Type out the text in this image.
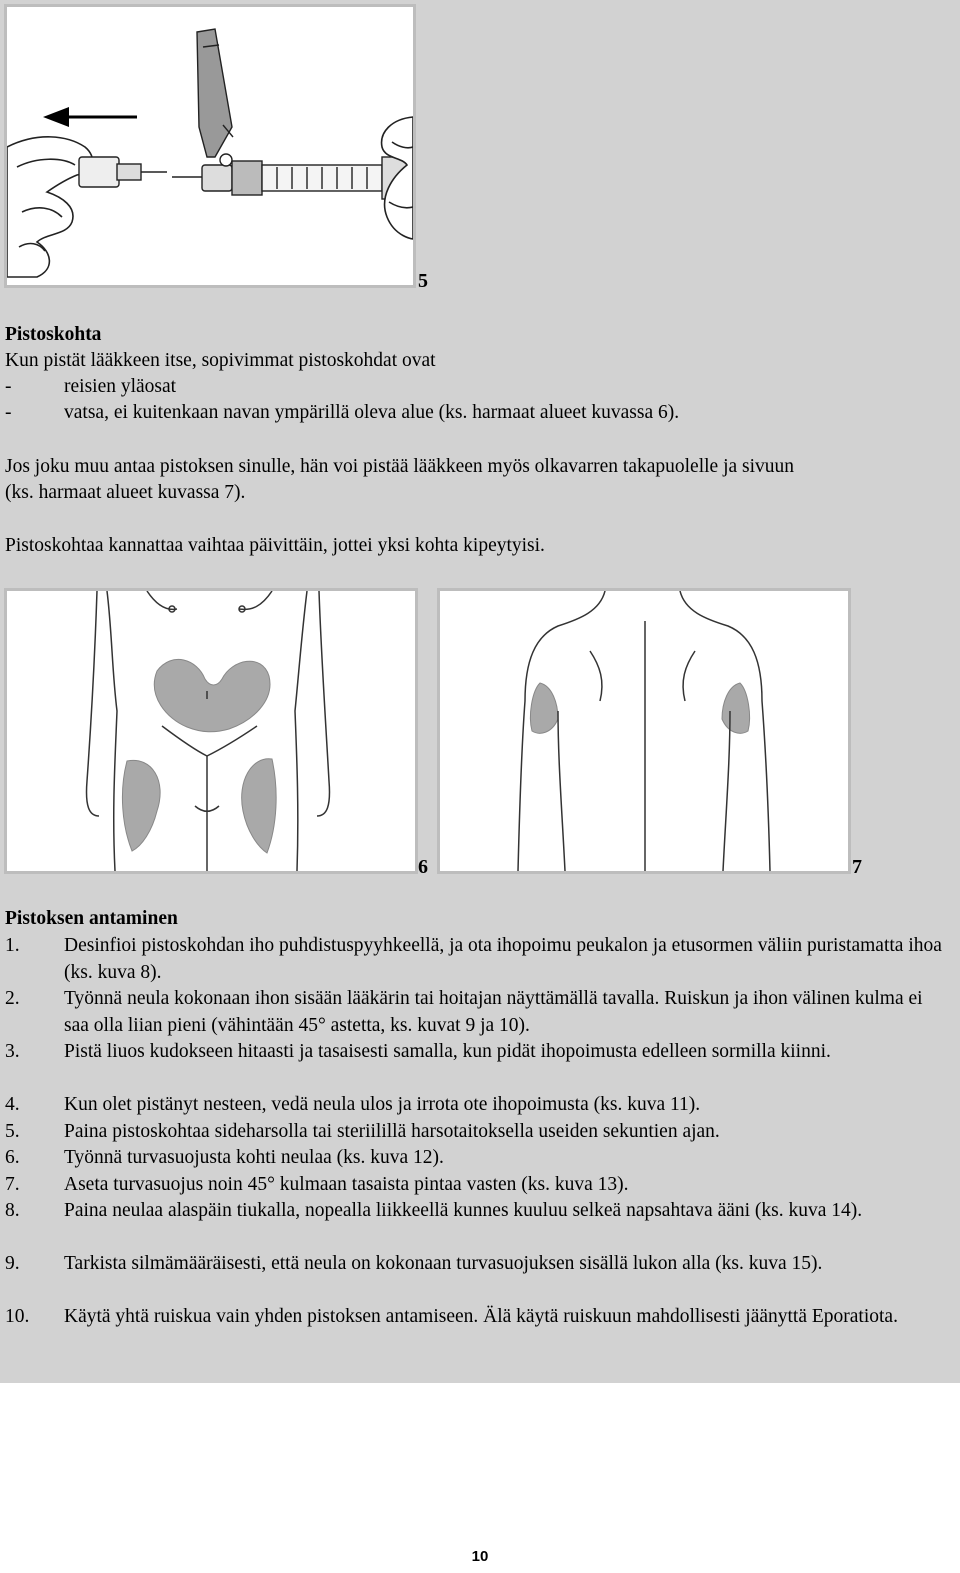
5
Pistoskohta
Kun pistät lääkkeen itse, sopivimmat pistoskohdat ovat
-	reisien yläosat
-	vatsa, ei kuitenkaan navan ympärillä oleva alue (ks. harmaat alueet kuvassa 6).
Jos joku muu antaa pistoksen sinulle, hän voi pistää lääkkeen myös olkavarren takapuolelle ja sivuun
(ks. harmaat alueet kuvassa 7).
Pistoskohtaa kannattaa vaihtaa päivittäin, jottei yksi kohta kipeytyisi.
6	7
Pistoksen antaminen
1. Desinfioi pistoskohdan iho puhdistuspyyhkeellä, ja ota ihopoimu peukalon ja etusormen väliin puristamatta ihoa (ks. kuva 8).
2. Työnnä neula kokonaan ihon sisään lääkärin tai hoitajan näyttämällä tavalla. Ruiskun ja ihon välinen kulma ei saa olla liian pieni (vähintään 45° astetta, ks. kuvat 9 ja 10).
3. Pistä liuos kudokseen hitaasti ja tasaisesti samalla, kun pidät ihopoimusta edelleen sormilla kiinni.
4. Kun olet pistänyt nesteen, vedä neula ulos ja irrota ote ihopoimusta (ks. kuva 11).
5. Paina pistoskohtaa sideharsolla tai steriilillä harsotaitoksella useiden sekuntien ajan.
6. Työnnä turvasuojusta kohti neulaa (ks. kuva 12).
7. Aseta turvasuojus noin 45° kulmaan tasaista pintaa vasten (ks. kuva 13).
8. Paina neulaa alaspäin tiukalla, nopealla liikkeellä kunnes kuuluu selkeä napsahtava ääni (ks. kuva 14).
9. Tarkista silmämääräisesti, että neula on kokonaan turvasuojuksen sisällä lukon alla (ks. kuva 15).
10. Käytä yhtä ruiskua vain yhden pistoksen antamiseen. Älä käytä ruiskuun mahdollisesti jäänyttä Eporatiota.
10
